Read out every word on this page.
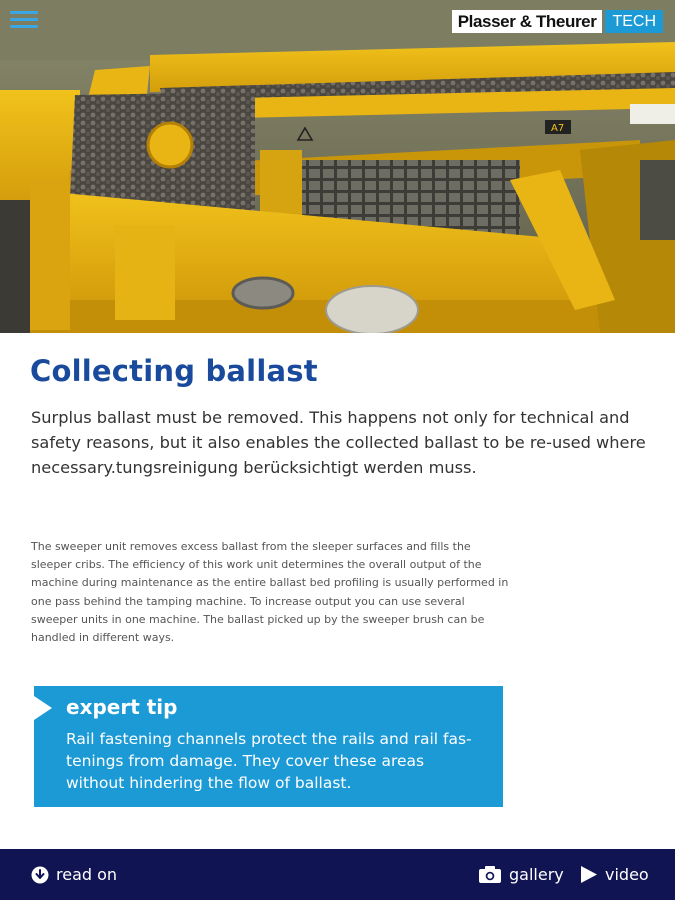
A7
Plasser & Theurer	TECH
Collecting ballast

Surplus ballast must be removed. This happens not only for technical and safety reasons, but it also enables the collected ballast to be re-used where necessary.tungsreinigung berücksichtigt werden muss.

The sweeper unit removes excess ballast from the sleeper surfaces and fills the sleeper cribs. The efficiency of this work unit determines the overall output of the machine during maintenance as the entire ballast bed profiling is usually performed in one pass behind the tamping machine. To increase output you can use several sweeper units in one machine. The ballast picked up by the sweeper brush can be handled in different ways.

expert tip
Rail fastening channels protect the rails and rail fas-tenings from damage. They cover these areas without hindering the flow of ballast.
read on	gallery	video
